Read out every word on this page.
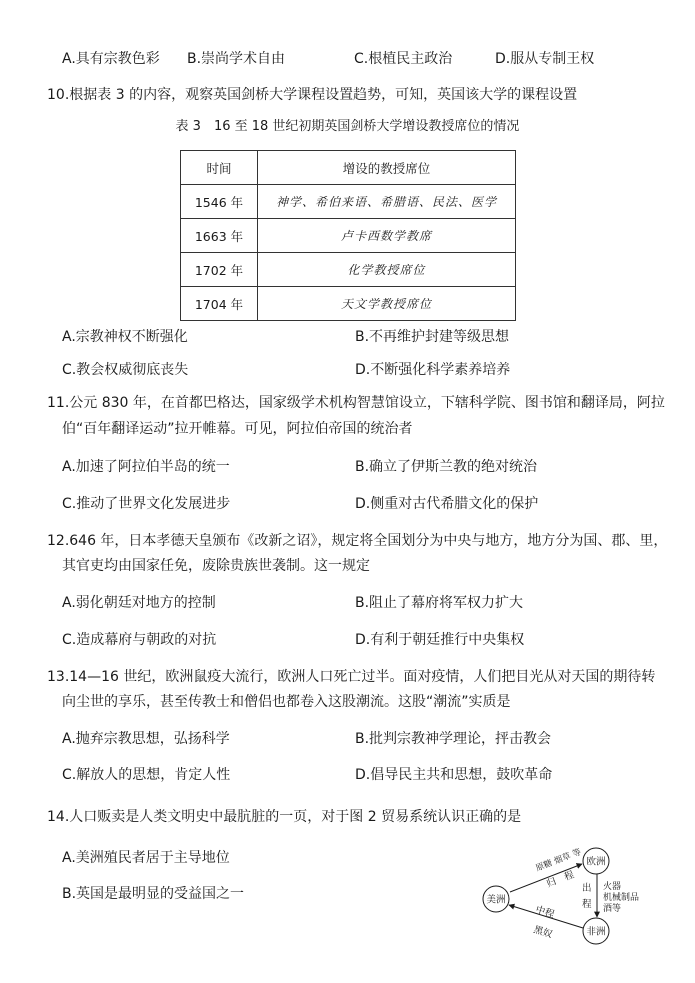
A.具有宗教色彩 B.崇尚学术自由	C.根植民主政治	D.服从专制王权
10.根据表 3 的内容，观察英国剑桥大学课程设置趋势，可知，英国该大学的课程设置
表 3　16 至 18 世纪初期英国剑桥大学增设教授席位的情况
时间	增设的教授席位
1546 年	神学、希伯来语、希腊语、民法、医学
1663 年	卢卡西数学教席
1702 年	化学教授席位
1704 年	天文学教授席位
A.宗教神权不断强化	B.不再维护封建等级思想
C.教会权威彻底丧失	D.不断强化科学素养培养
11.公元 830 年，在首都巴格达，国家级学术机构智慧馆设立，下辖科学院、图书馆和翻译局，阿拉
伯“百年翻译运动”拉开帷幕。可见，阿拉伯帝国的统治者
A.加速了阿拉伯半岛的统一	B.确立了伊斯兰教的绝对统治
C.推动了世界文化发展进步	D.侧重对古代希腊文化的保护
12.646 年，日本孝德天皇颁布《改新之诏》，规定将全国划分为中央与地方，地方分为国、郡、里，
其官吏均由国家任免，废除贵族世袭制。这一规定
A.弱化朝廷对地方的控制	B.阻止了幕府将军权力扩大
C.造成幕府与朝政的对抗	D.有利于朝廷推行中央集权
13.14—16 世纪，欧洲鼠疫大流行，欧洲人口死亡过半。面对疫情，人们把目光从对天国的期待转
向尘世的享乐，甚至传教士和僧侣也都卷入这股潮流。这股“潮流”实质是
A.抛弃宗教思想，弘扬科学	B.批判宗教神学理论，抨击教会
C.解放人的思想，肯定人性	D.倡导民主共和思想，鼓吹革命
14.人口贩卖是人类文明史中最肮脏的一页，对于图 2 贸易系统认识正确的是
A.美洲殖民者居于主导地位
B.英国是最明显的受益国之一
欧洲
美洲
非洲
原糖 烟草 等
归　程 出
程
火器
机械制品
酒等
中程
黑奴
